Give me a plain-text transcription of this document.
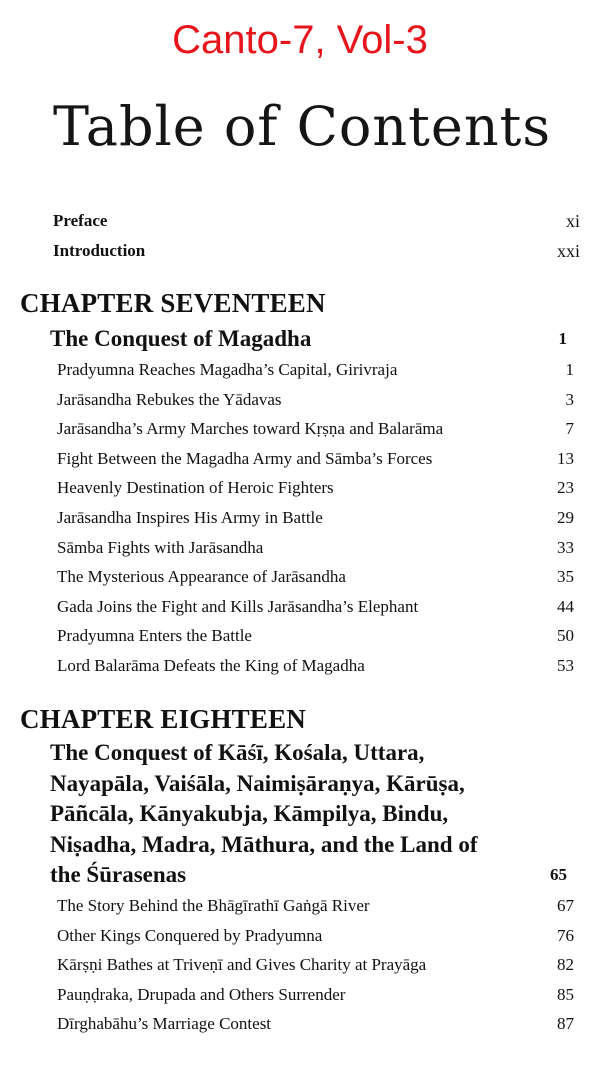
Canto-7, Vol-3
Table of Contents
Preface	xi
Introduction	xxi
CHAPTER SEVENTEEN
The Conquest of Magadha	1
Pradyumna Reaches Magadha’s Capital, Girivraja	1
Jarāsandha Rebukes the Yādavas	3
Jarāsandha’s Army Marches toward Kṛṣṇa and Balarāma	7
Fight Between the Magadha Army and Sāmba’s Forces	13
Heavenly Destination of Heroic Fighters	23
Jarāsandha Inspires His Army in Battle	29
Sāmba Fights with Jarāsandha	33
The Mysterious Appearance of Jarāsandha	35
Gada Joins the Fight and Kills Jarāsandha’s Elephant	44
Pradyumna Enters the Battle	50
Lord Balarāma Defeats the King of Magadha	53
CHAPTER EIGHTEEN
The Conquest of Kāśī, Kośala, Uttara,
Nayapāla, Vaiśāla, Naimiṣāraṇya, Kārūṣa,
Pāñcāla, Kānyakubja, Kāmpilya, Bindu,
Niṣadha, Madra, Māthura, and the Land of
the Śūrasenas	65
The Story Behind the Bhāgīrathī Gaṅgā River	67
Other Kings Conquered by Pradyumna	76
Kārṣṇi Bathes at Triveṇī and Gives Charity at Prayāga	82
Pauṇḍraka, Drupada and Others Surrender	85
Dīrghabāhu’s Marriage Contest	87
